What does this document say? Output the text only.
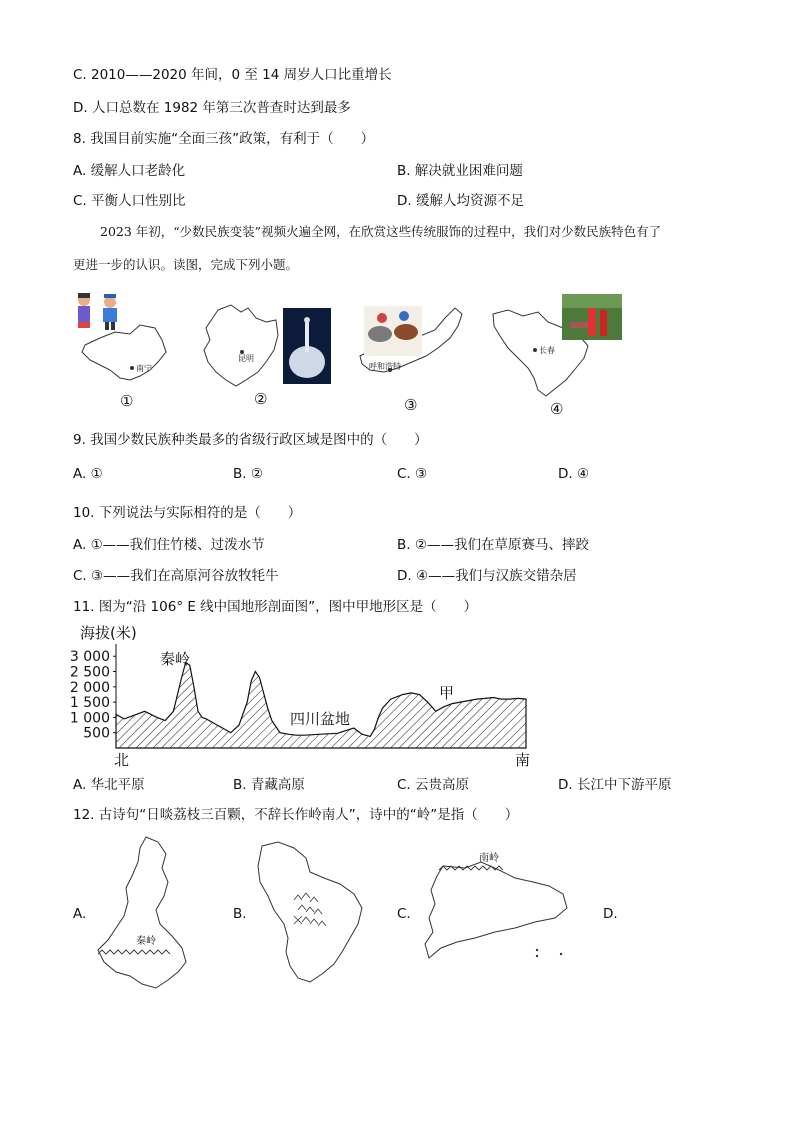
C. 2010——2020 年间，0 至 14 周岁人口比重增长
D. 人口总数在 1982 年第三次普查时达到最多
8. 我国目前实施“全面三孩”政策，有利于（　　）
A. 缓解人口老龄化	B. 解决就业困难问题
C. 平衡人口性别比	D. 缓解人均资源不足
2023 年初，“少数民族变装”视频火遍全网，在欣赏这些传统服饰的过程中，我们对少数民族特色有了
更进一步的认识。读图，完成下列小题。
南宁
①
昆明
②
呼和浩特
③
长春
④
9. 我国少数民族种类最多的省级行政区域是图中的（　　）
A. ①	B. ②	C. ③	D. ④
10. 下列说法与实际相符的是（　　）
A. ①——我们住竹楼、过泼水节	B. ②——我们在草原赛马、摔跤
C. ③——我们在高原河谷放牧牦牛	D. ④——我们与汉族交错杂居
11. 图为“沿 106° E 线中国地形剖面图”，图中甲地形区是（　　）
海拔(米)
500
1 000
1 500
2 000
2 500
3 000
北	南
秦岭
四川盆地
甲
A. 华北平原	B. 青藏高原	C. 云贵高原	D. 长江中下游平原
12. 古诗句“日啖荔枝三百颗，不辞长作岭南人”，诗中的“岭”是指（　　）
A.
秦岭
B.	C.
南岭
D.
